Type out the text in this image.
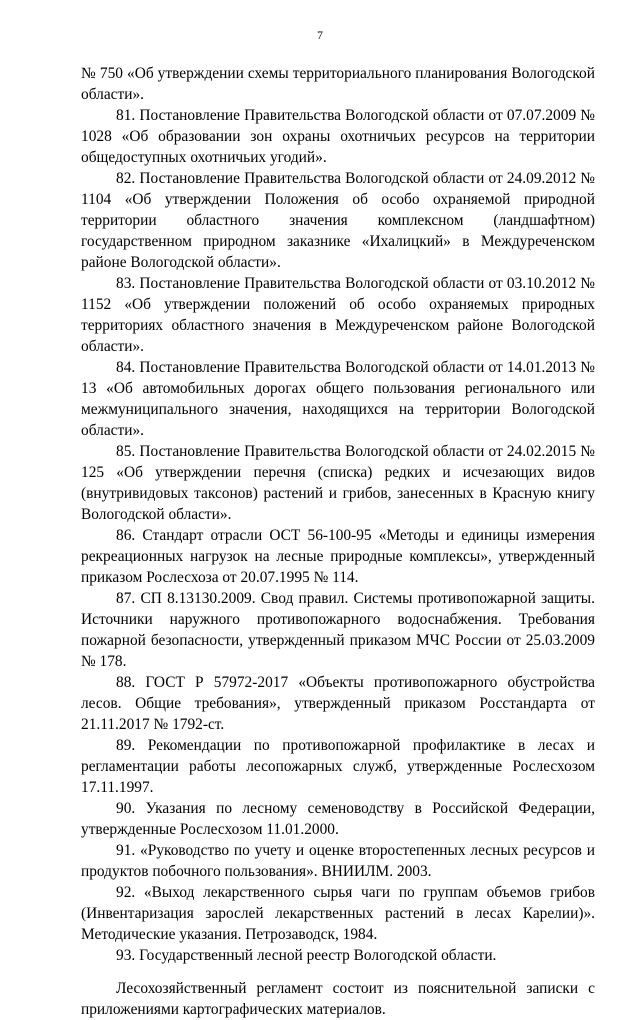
7

№ 750 «Об утверждении схемы территориального планирования Вологодской области».

81. Постановление Правительства Вологодской области от 07.07.2009 № 1028 «Об образовании зон охраны охотничьих ресурсов на территории общедоступных охотничьих угодий».

82. Постановление Правительства Вологодской области от 24.09.2012 № 1104 «Об утверждении Положения об особо охраняемой природной территории областного значения комплексном (ландшафтном) государственном природном заказнике «Ихалицкий» в Междуреченском районе Вологодской области».

83. Постановление Правительства Вологодской области от 03.10.2012 № 1152 «Об утверждении положений об особо охраняемых природных территориях областного значения в Междуреченском районе Вологодской области».

84. Постановление Правительства Вологодской области от 14.01.2013 № 13 «Об автомобильных дорогах общего пользования регионального или межмуниципального значения, находящихся на территории Вологодской области».

85. Постановление Правительства Вологодской области от 24.02.2015 № 125 «Об утверждении перечня (списка) редких и исчезающих видов (внутривидовых таксонов) растений и грибов, занесенных в Красную книгу Вологодской области».

86. Стандарт отрасли ОСТ 56-100-95 «Методы и единицы измерения рекреационных нагрузок на лесные природные комплексы», утвержденный приказом Рослесхоза от 20.07.1995 № 114.

87. СП 8.13130.2009. Свод правил. Системы противопожарной защиты. Источники наружного противопожарного водоснабжения. Требования пожарной безопасности, утвержденный приказом МЧС России от 25.03.2009 № 178.

88. ГОСТ Р 57972-2017 «Объекты противопожарного обустройства лесов. Общие требования», утвержденный приказом Росстандарта от 21.11.2017 № 1792-ст.

89. Рекомендации по противопожарной профилактике в лесах и регламентации работы лесопожарных служб, утвержденные Рослесхозом 17.11.1997.

90. Указания по лесному семеноводству в Российской Федерации, утвержденные Рослесхозом 11.01.2000.

91. «Руководство по учету и оценке второстепенных лесных ресурсов и продуктов побочного пользования». ВНИИЛМ. 2003.

92. «Выход лекарственного сырья чаги по группам объемов грибов (Инвентаризация зарослей лекарственных растений в лесах Карелии)». Методические указания. Петрозаводск, 1984.

93. Государственный лесной реестр Вологодской области.

Лесохозяйственный регламент состоит из пояснительной записки с приложениями картографических материалов.
